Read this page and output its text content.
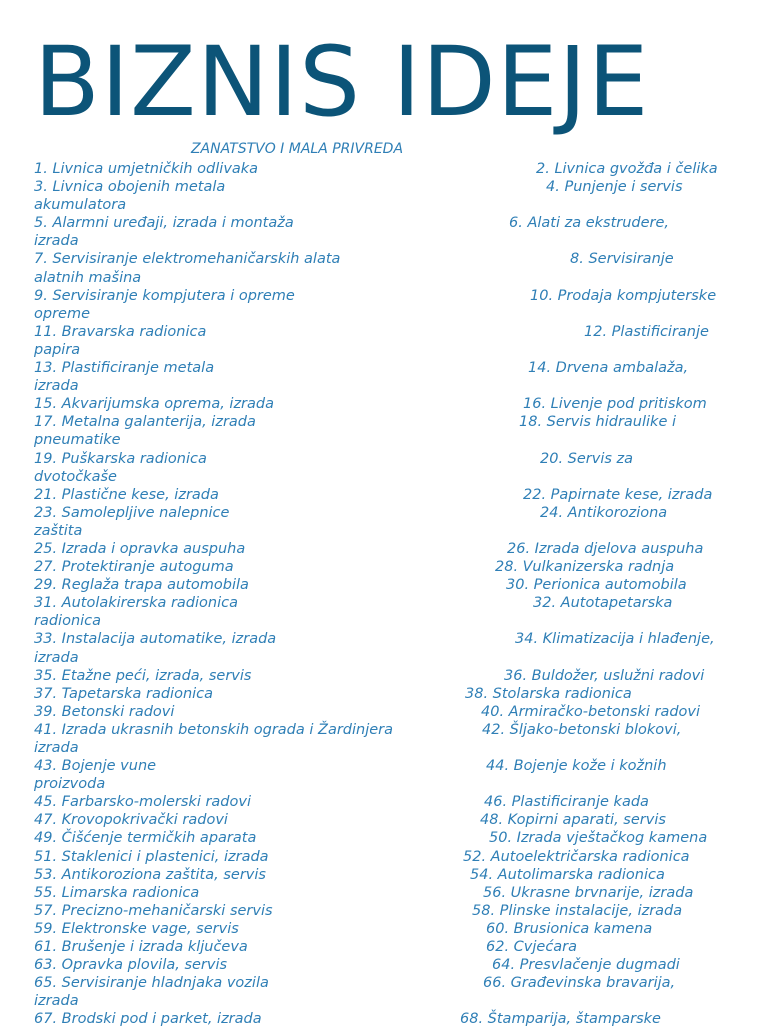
BIZNIS IDEJE
ZANATSTVO I MALA PRIVREDA
1. Livnica umjetničkih odlivaka	2. Livnica gvožđa i čelika
3. Livnica obojenih metala	4. Punjenje i servis
akumulatora
5. Alarmni uređaji, izrada i montaža	6. Alati za ekstrudere,
izrada
7. Servisiranje elektromehaničarskih alata	8. Servisiranje
alatnih mašina
9. Servisiranje kompjutera i opreme	10. Prodaja kompjuterske
opreme
11. Bravarska radionica	12. Plastificiranje
papira
13. Plastificiranje metala	14. Drvena ambalaža,
izrada
15. Akvarijumska oprema, izrada	16. Livenje pod pritiskom
17. Metalna galanterija, izrada	18. Servis hidraulike i
pneumatike
19. Puškarska radionica	20. Servis za
dvotočkaše
21. Plastične kese, izrada	22. Papirnate kese, izrada
23. Samoleplјive nalepnice	24. Antikoroziona
zaštita
25. Izrada i opravka auspuha	26. Izrada djelova auspuha
27. Protektiranje autoguma	28. Vulkanizerska radnja
29. Reglaža trapa automobila	30. Perionica automobila
31. Autolakirerska radionica	32. Autotapetarska
radionica
33. Instalacija automatike, izrada	34. Klimatizacija i hlađenje,
izrada
35. Etažne peći, izrada, servis	36. Buldožer, uslužni radovi
37. Tapetarska radionica	38. Stolarska radionica
39. Betonski radovi	40. Armiračko-betonski radovi
41. Izrada ukrasnih betonskih ograda i Žardinjera	42. Šljako-betonski blokovi,
izrada
43. Bojenje vune	44. Bojenje kože i kožnih
proizvoda
45. Farbarsko-molerski radovi	46. Plastificiranje kada
47. Krovopokrivački radovi	48. Kopirni aparati, servis
49. Čišćenje termičkih aparata	50. Izrada vještačkog kamena
51. Staklenici i plastenici, izrada	52. Autoelektričarska radionica
53. Antikoroziona zaštita, servis	54. Autolimarska radionica
55. Limarska radionica	56. Ukrasne brvnarije, izrada
57. Precizno-mehaničarski servis	58. Plinske instalacije, izrada
59. Elektronske vage, servis	60. Brusionica kamena
61. Brušenje i izrada ključeva	62. Cvjećara
63. Opravka plovila, servis	64. Presvlačenje dugmadi
65. Servisiranje hladnjaka vozila	66. Građevinska bravarija,
izrada
67. Brodski pod i parket, izrada	68. Štamparija, štamparske
